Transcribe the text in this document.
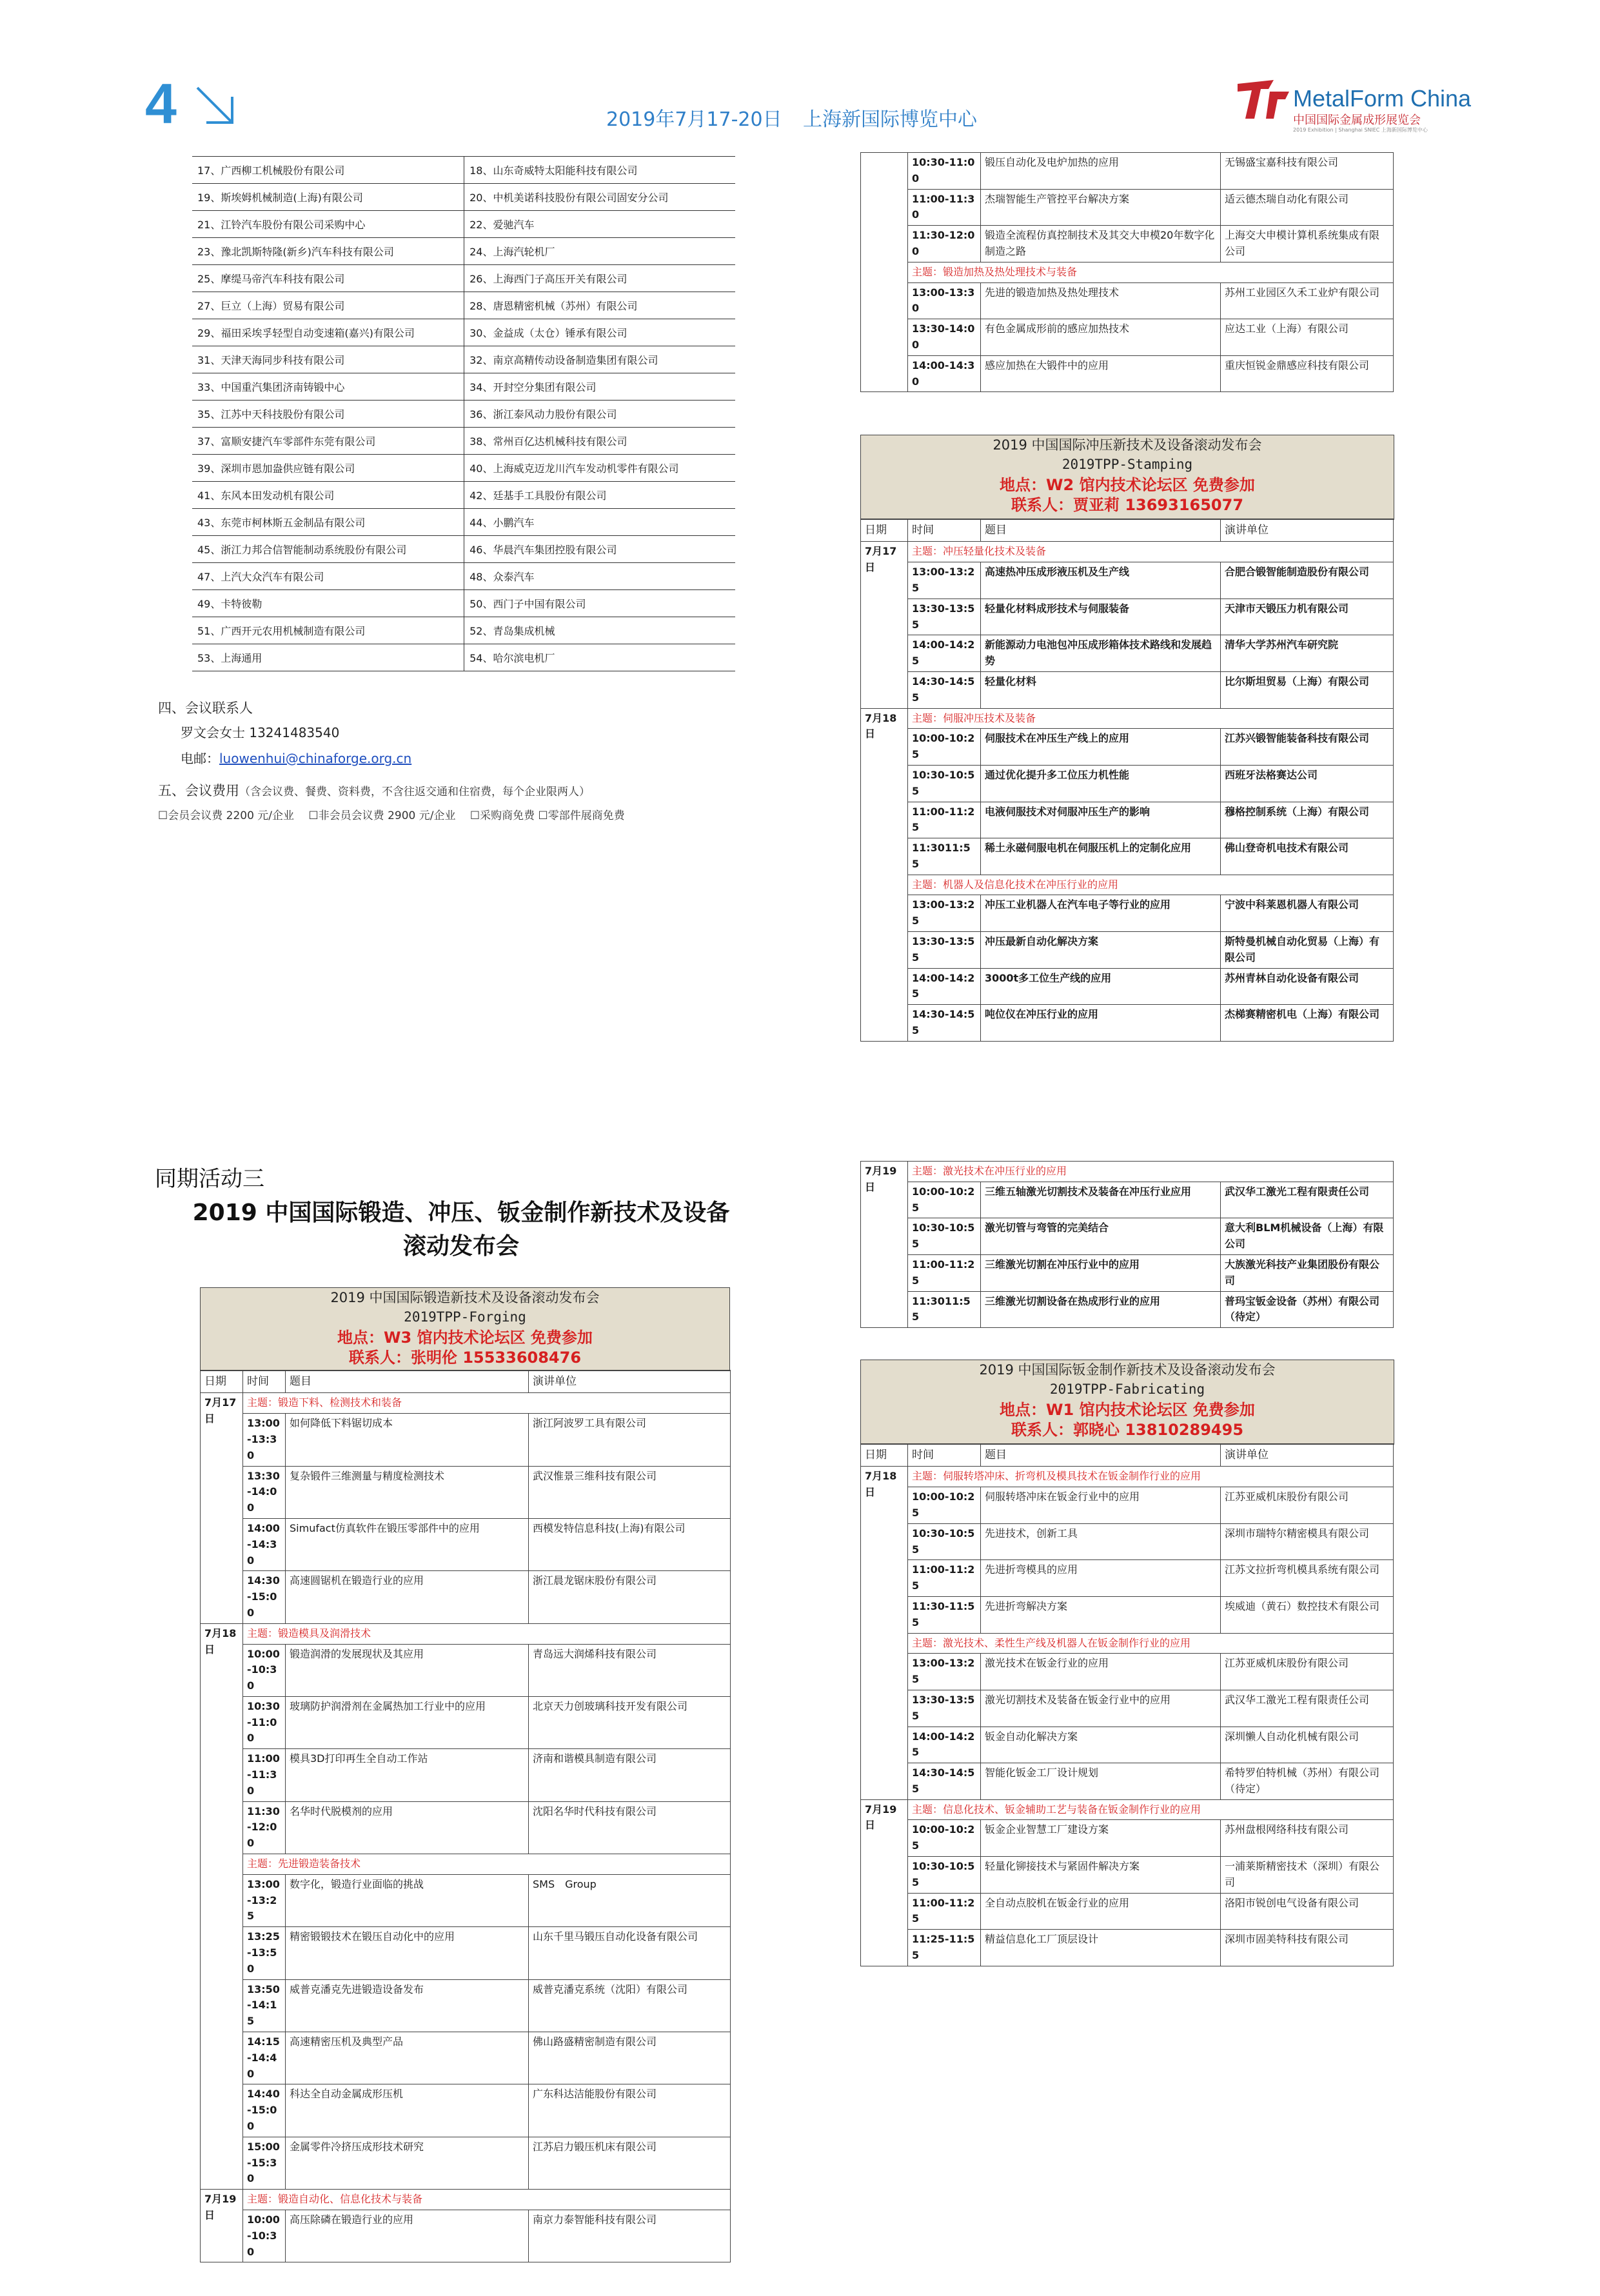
4	2019年7月17-20日 上海新国际博览中心
MetalForm China
中国国际金属成形展览会
2019 Exhibition | Shanghai SNIEC 上海新国际博览中心
17、广西柳工机械股份有限公司	18、山东奇威特太阳能科技有限公司
19、斯埃姆机械制造(上海)有限公司	20、中机美诺科技股份有限公司固安分公司
21、江铃汽车股份有限公司采购中心	22、爱驰汽车
23、豫北凯斯特隆(新乡)汽车科技有限公司	24、上海汽轮机厂
25、摩缇马帝汽车科技有限公司	26、上海西门子高压开关有限公司
27、巨立（上海）贸易有限公司	28、唐恩精密机械（苏州）有限公司
29、福田采埃孚轻型自动变速箱(嘉兴)有限公司	30、金益成（太仓）锤承有限公司
31、天津天海同步科技有限公司	32、南京高精传动设备制造集团有限公司
33、中国重汽集团济南铸锻中心	34、开封空分集团有限公司
35、江苏中天科技股份有限公司	36、浙江泰风动力股份有限公司
37、富顺安捷汽车零部件东莞有限公司	38、常州百亿达机械科技有限公司
39、深圳市恩加盎供应链有限公司	40、上海威克迈龙川汽车发动机零件有限公司
41、东风本田发动机有限公司	42、廷基手工具股份有限公司
43、东莞市柯林斯五金制品有限公司	44、小鹏汽车
45、浙江力邦合信智能制动系统股份有限公司	46、华晨汽车集团控股有限公司
47、上汽大众汽车有限公司	48、众泰汽车
49、卡特彼勒	50、西门子中国有限公司
51、广西开元农用机械制造有限公司	52、青岛集成机械
53、上海通用	54、哈尔滨电机厂
四、会议联系人
罗文会女士 13241483540
电邮：luowenhui@chinaforge.org.cn
五、会议费用（含会议费、餐费、资料费，不含往返交通和住宿费，每个企业限两人）
☐会员会议费 2200 元/企业　 ☐非会员会议费 2900 元/企业　 ☐采购商免费 ☐零部件展商免费
同期活动三
2019 中国国际锻造、冲压、钣金制作新技术及设备
滚动发布会
2019 中国国际锻造新技术及设备滚动发布会
2019TPP-Forging
地点：W3 馆内技术论坛区 免费参加
联系人：张明伦 15533608476
日期	时间	题目	演讲单位
7月17日	主题：锻造下料、检测技术和装备		
	13:00-13:30	如何降低下料锯切成本	浙江阿波罗工具有限公司
	13:30-14:00	复杂锻件三维测量与精度检测技术	武汉惟景三维科技有限公司
	14:00-14:30	Simufact仿真软件在锻压零部件中的应用	西模发特信息科技(上海)有限公司
	14:30-15:00	高速圆锯机在锻造行业的应用	浙江晨龙锯床股份有限公司
7月18日	主题：锻造模具及润滑技术		
	10:00-10:30	锻造润滑的发展现状及其应用	青岛远大润烯科技有限公司
	10:30-11:00	玻璃防护润滑剂在金属热加工行业中的应用	北京天力创玻璃科技开发有限公司
	11:00-11:30	模具3D打印再生全自动工作站	济南和谐模具制造有限公司
	11:30-12:00	名华时代脱模剂的应用	沈阳名华时代科技有限公司
	主题：先进锻造装备技术		
	13:00-13:25	数字化，锻造行业面临的挑战	SMS　Group
	13:25-13:50	精密锻锻技术在锻压自动化中的应用	山东千里马锻压自动化设备有限公司
	13:50-14:15	威普克潘克先进锻造设备发布	威普克潘克系统（沈阳）有限公司
	14:15-14:40	高速精密压机及典型产品	佛山路盛精密制造有限公司
	14:40-15:00	科达全自动金属成形压机	广东科达洁能股份有限公司
	15:00-15:30	金属零件冷挤压成形技术研究	江苏启力锻压机床有限公司
7月19日	主题：锻造自动化、信息化技术与装备		
	10:00-10:30	高压除磷在锻造行业的应用	南京力泰智能科技有限公司
	10:30-11:00	锻压自动化及电炉加热的应用	无锡盛宝嘉科技有限公司
	11:00-11:30	杰瑞智能生产管控平台解决方案	适云德杰瑞自动化有限公司
	11:30-12:00	锻造全流程仿真控制技术及其交大申模20年数字化制造之路	上海交大申模计算机系统集成有限公司
	主题：锻造加热及热处理技术与装备		
	13:00-13:30	先进的锻造加热及热处理技术	苏州工业园区久禾工业炉有限公司
	13:30-14:00	有色金属成形前的感应加热技术	应达工业（上海）有限公司
	14:00-14:30	感应加热在大锻件中的应用	重庆恒锐金鼎感应科技有限公司
2019 中国国际冲压新技术及设备滚动发布会
2019TPP-Stamping
地点：W2 馆内技术论坛区 免费参加
联系人：贾亚莉 13693165077
日期	时间	题目	演讲单位
7月17日	主题：冲压轻量化技术及装备		
	13:00-13:25	高速热冲压成形液压机及生产线	合肥合锻智能制造股份有限公司
	13:30-13:55	轻量化材料成形技术与伺服装备	天津市天锻压力机有限公司
	14:00-14:25	新能源动力电池包冲压成形箱体技术路线和发展趋势	清华大学苏州汽车研究院
	14:30-14:55	轻量化材料	比尔斯坦贸易（上海）有限公司
7月18日	主题：伺服冲压技术及装备		
	10:00-10:25	伺服技术在冲压生产线上的应用	江苏兴锻智能装备科技有限公司
	10:30-10:55	通过优化提升多工位压力机性能	西班牙法格赛达公司
	11:00-11:25	电液伺服技术对伺服冲压生产的影响	穆格控制系统（上海）有限公司
	11:3011:55	稀土永磁伺服电机在伺服压机上的定制化应用	佛山登奇机电技术有限公司
	主题：机器人及信息化技术在冲压行业的应用		
	13:00-13:25	冲压工业机器人在汽车电子等行业的应用	宁波中科莱恩机器人有限公司
	13:30-13:55	冲压最新自动化解决方案	斯特曼机械自动化贸易（上海）有限公司
	14:00-14:25	3000t多工位生产线的应用	苏州青林自动化设备有限公司
	14:30-14:55	吨位仪在冲压行业的应用	杰梯赛精密机电（上海）有限公司
7月19日	主题：激光技术在冲压行业的应用		
	10:00-10:25	三维五轴激光切割技术及装备在冲压行业应用	武汉华工激光工程有限责任公司
	10:30-10:55	激光切管与弯管的完美结合	意大利BLM机械设备（上海）有限公司
	11:00-11:25	三维激光切割在冲压行业中的应用	大族激光科技产业集团股份有限公司
	11:3011:55	三维激光切割设备在热成形行业的应用	普玛宝钣金设备（苏州）有限公司（待定）
2019 中国国际钣金制作新技术及设备滚动发布会
2019TPP-Fabricating
地点：W1 馆内技术论坛区 免费参加
联系人：郭晓心 13810289495
日期	时间	题目	演讲单位
7月18日	主题：伺服转塔冲床、折弯机及模具技术在钣金制作行业的应用		
	10:00-10:25	伺服转塔冲床在钣金行业中的应用	江苏亚威机床股份有限公司
	10:30-10:55	先进技术，创新工具	深圳市瑞特尔精密模具有限公司
	11:00-11:25	先进折弯模具的应用	江苏文拉折弯机模具系统有限公司
	11:30-11:55	先进折弯解决方案	埃威迪（黄石）数控技术有限公司
	主题：激光技术、柔性生产线及机器人在钣金制作行业的应用		
	13:00-13:25	激光技术在钣金行业的应用	江苏亚威机床股份有限公司
	13:30-13:55	激光切割技术及装备在钣金行业中的应用	武汉华工激光工程有限责任公司
	14:00-14:25	钣金自动化解决方案	深圳懒人自动化机械有限公司
	14:30-14:55	智能化钣金工厂设计规划	希特罗伯特机械（苏州）有限公司（待定）
7月19日	主题：信息化技术、钣金辅助工艺与装备在钣金制作行业的应用		
	10:00-10:25	钣金企业智慧工厂建设方案	苏州盘根网络科技有限公司
	10:30-10:55	轻量化铆接技术与紧固件解决方案	一浦莱斯精密技术（深圳）有限公司
	11:00-11:25	全自动点胶机在钣金行业的应用	洛阳市锐创电气设备有限公司
	11:25-11:55	精益信息化工厂顶层设计	深圳市固美特科技有限公司
